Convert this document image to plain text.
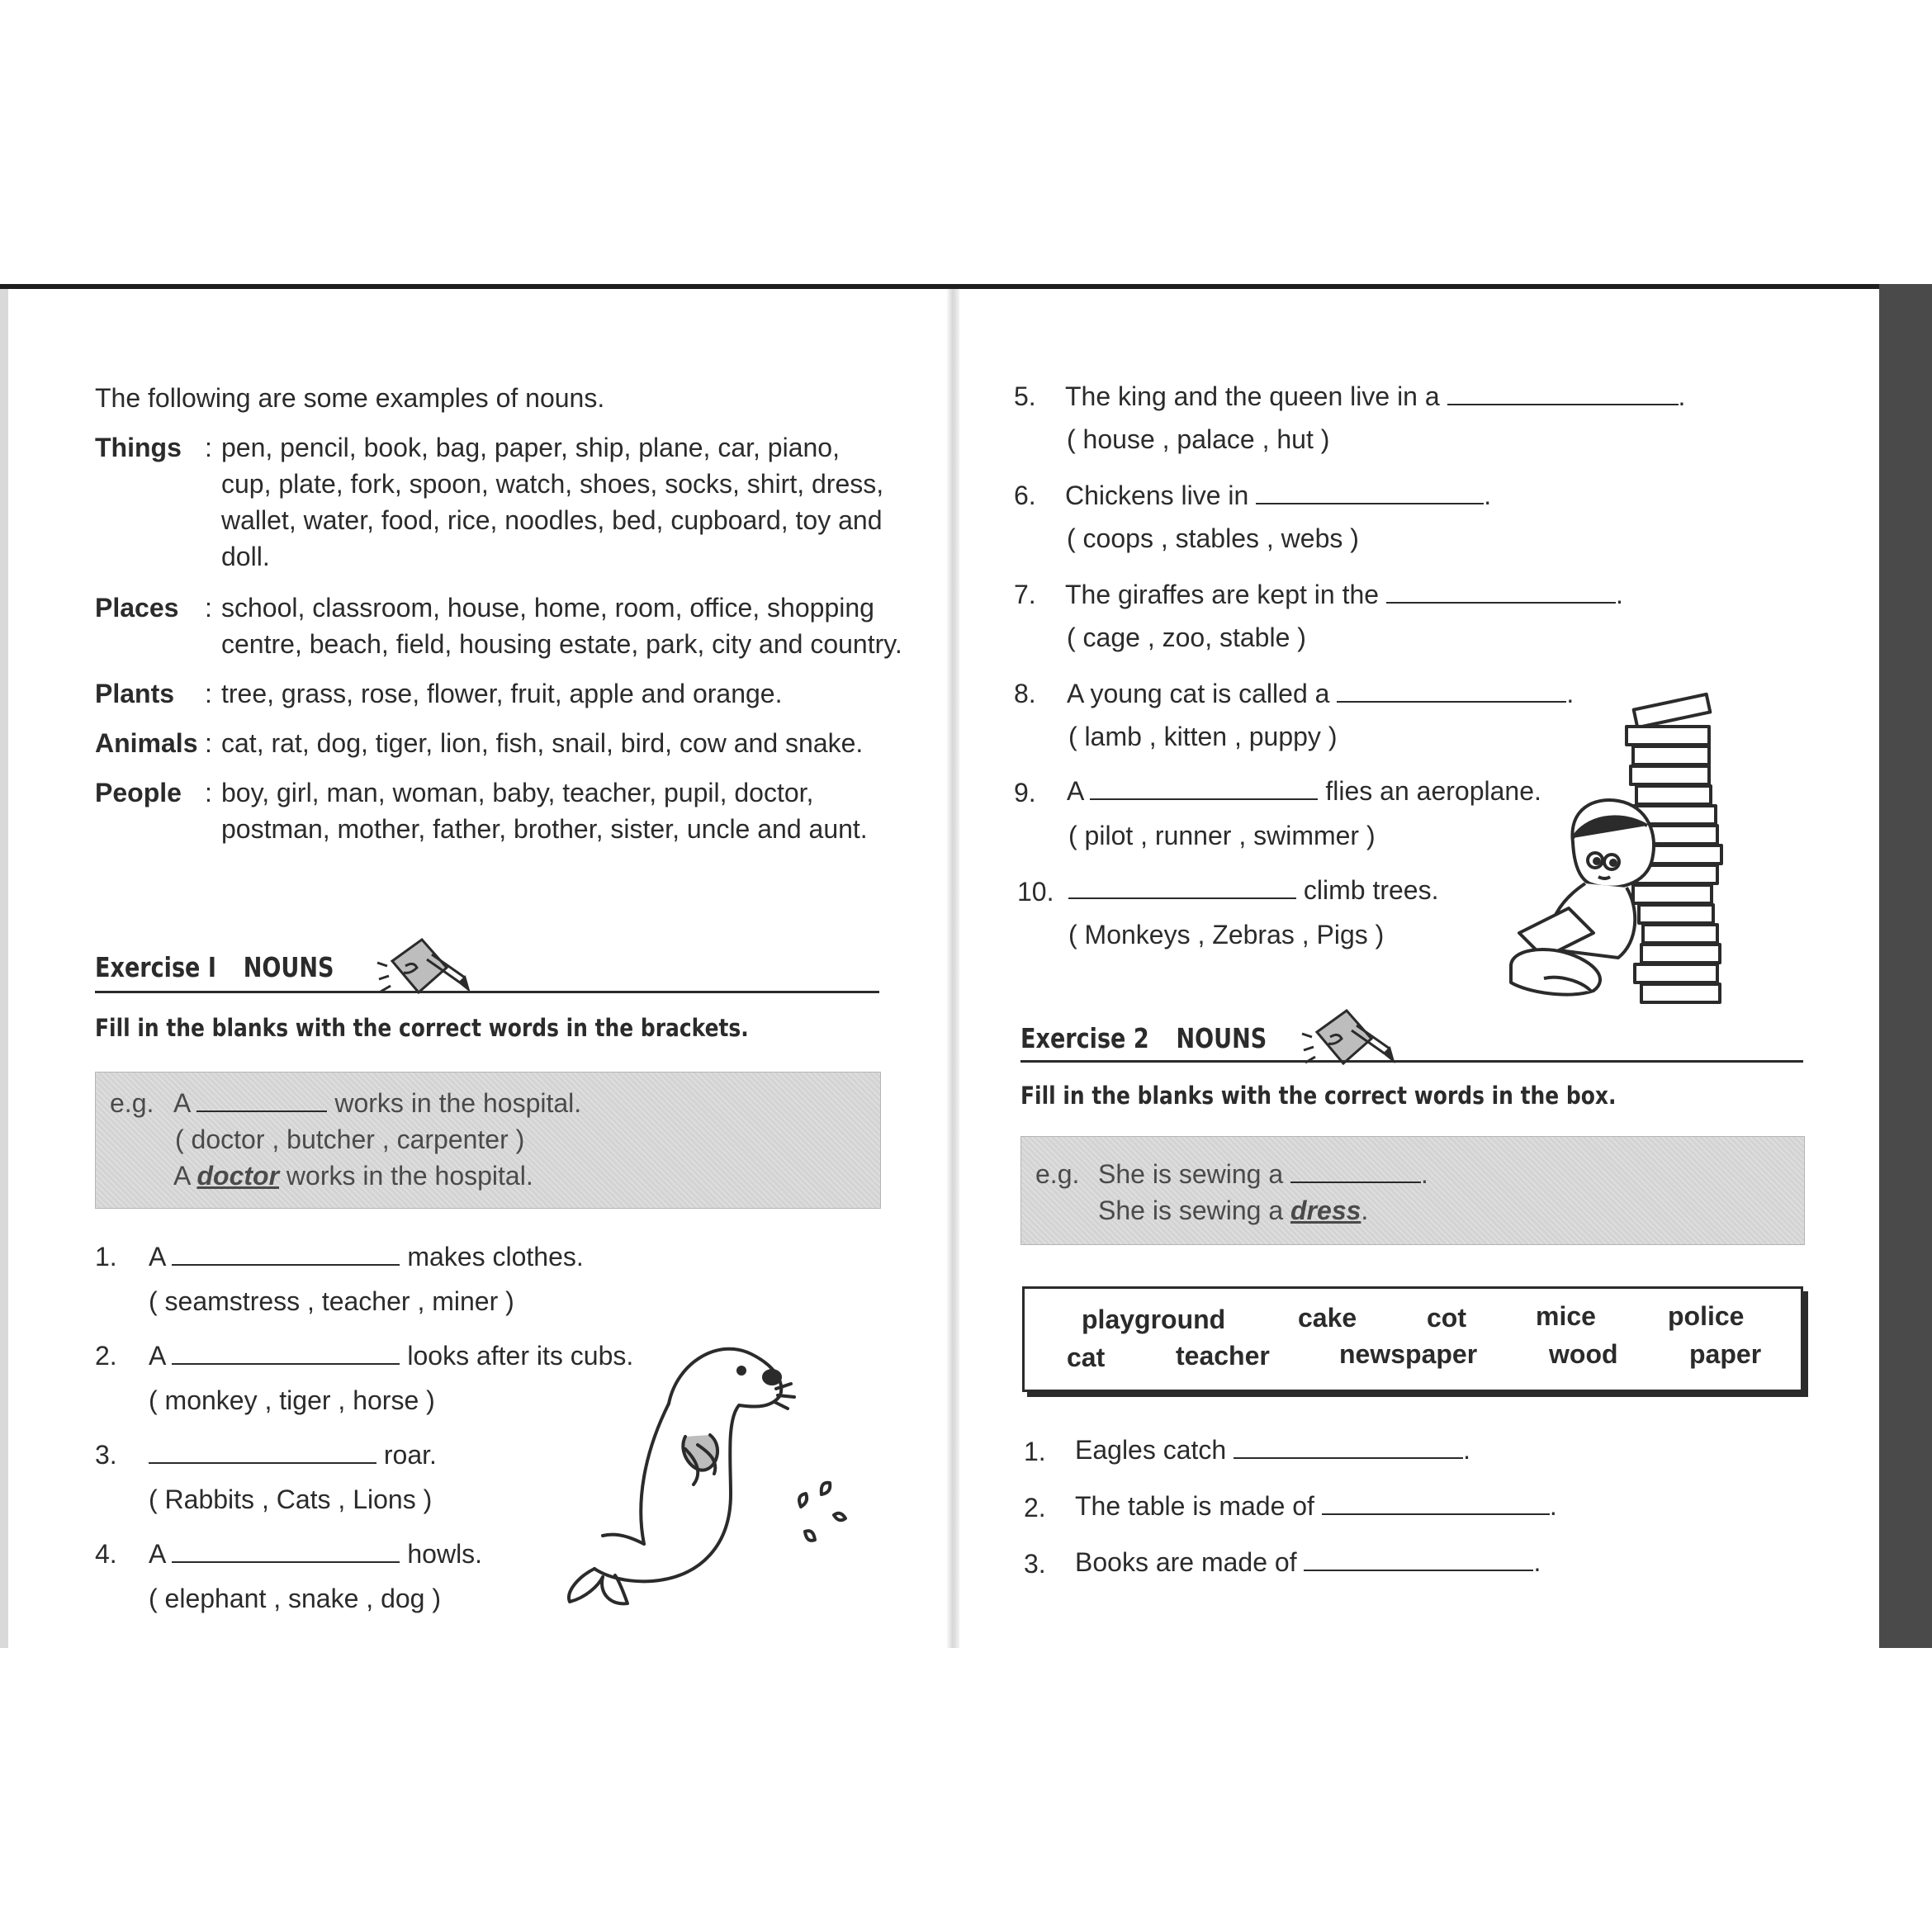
The following are some examples of nouns.
Things : pen, pencil, book, bag, paper, ship, plane, car, piano,
cup, plate, fork, spoon, watch, shoes, socks, shirt, dress,
wallet, water, food, rice, noodles, bed, cupboard, toy and
doll.
Places : school, classroom, house, home, room, office, shopping
centre, beach, field, housing estate, park, city and country.
Plants : tree, grass, rose, flower, fruit, apple and orange.
Animals : cat, rat, dog, tiger, lion, fish, snail, bird, cow and snake.
People : boy, girl, man, woman, baby, teacher, pupil, doctor,
postman, mother, father, brother, sister, uncle and aunt.
Exercise I NOUNS
Fill in the blanks with the correct words in the brackets.
e.g. A	works in the hospital.
( doctor , butcher , carpenter )
A doctor works in the hospital.
1. A	makes clothes.
( seamstress , teacher , miner )
2. A	looks after its cubs.
( monkey , tiger , horse )
3.	roar.
( Rabbits , Cats , Lions )
4. A	howls.
( elephant , snake , dog )
5. The king and the queen live in a	.
( house , palace , hut )
6. Chickens live in	.
( coops , stables , webs )
7. The giraffes are kept in the	.
( cage , zoo, stable )
8. A young cat is called a	.
( lamb , kitten , puppy )
9. A	flies an aeroplane.
( pilot , runner , swimmer )
10.	climb trees.
( Monkeys , Zebras , Pigs )
Exercise 2 NOUNS
Fill in the blanks with the correct words in the box.
e.g. She is sewing a	.
She is sewing a dress.
playground	cake	cot	mice	police
cat	teacher	newspaper	wood	paper
1. Eagles catch	.
2. The table is made of	.
3. Books are made of	.
